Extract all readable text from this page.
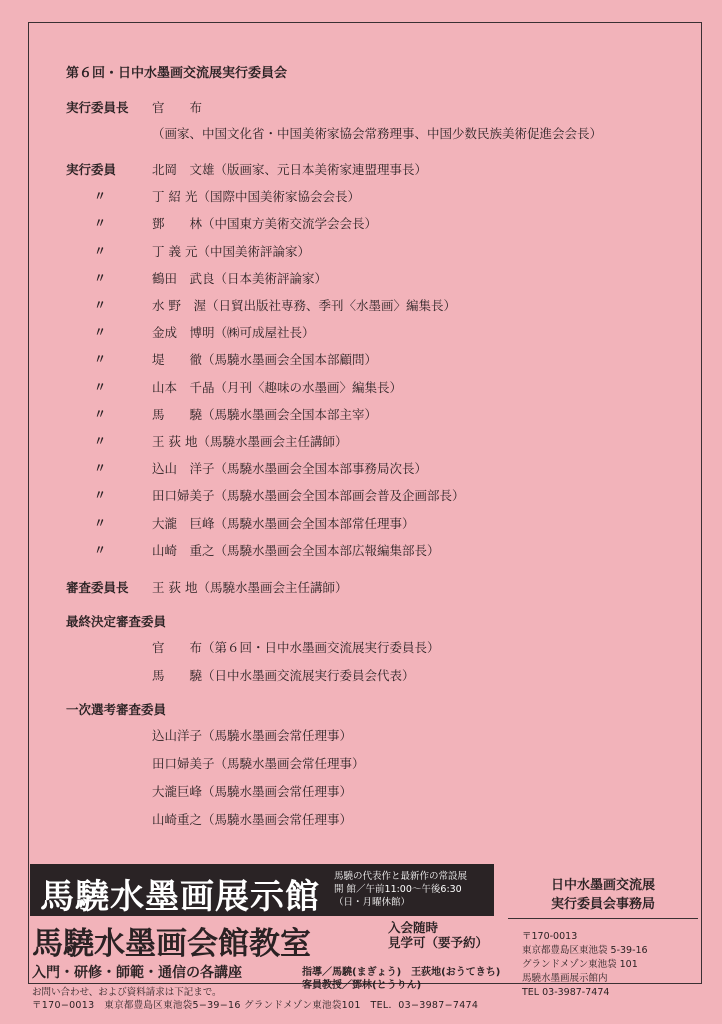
第６回・日中水墨画交流展実行委員会
実行委員長 官　　布
（画家、中国文化省・中国美術家協会常務理事、中国少数民族美術促進会会長）
実行委員	北岡　文雄（版画家、元日本美術家連盟理事長）
〃	丁 紹 光（国際中国美術家協会会長）
〃	鄧　　林（中国東方美術交流学会会長）
〃	丁 義 元（中国美術評論家）
〃	鶴田　武良（日本美術評論家）
〃	水 野　渥（日貿出版社専務、季刊〈水墨画〉編集長）
〃	金成　博明（㈱可成屋社長）
〃	堤　　徹（馬驍水墨画会全国本部顧問）
〃	山本　千晶（月刊〈趣味の水墨画〉編集長）
〃	馬　　驍（馬驍水墨画会全国本部主宰）
〃	王 荻 地（馬驍水墨画会主任講師）
〃	込山　洋子（馬驍水墨画会全国本部事務局次長）
〃	田口婦美子（馬驍水墨画会全国本部画会普及企画部長）
〃	大瀧　巨峰（馬驍水墨画会全国本部常任理事）
〃	山崎　重之（馬驍水墨画会全国本部広報編集部長）
審査委員長 王 荻 地（馬驍水墨画会主任講師）
最終決定審査委員
官　　布（第６回・日中水墨画交流展実行委員長）
馬　　驍（日中水墨画交流展実行委員会代表）
一次選考審査委員
込山洋子（馬驍水墨画会常任理事）
田口婦美子（馬驍水墨画会常任理事）
大瀧巨峰（馬驍水墨画会常任理事）
山崎重之（馬驍水墨画会常任理事）
馬驍水墨画展示館
馬驍の代表作と最新作の常設展
開 館／午前11:00〜午後6:30
（日・月曜休館）
馬驍水墨画会館教室	入会随時
見学可（要予約）
入門・研修・師範・通信の各講座	指導／馬驍(まぎょう)　王荻地(おうてきち)
客員教授／鄧林(とうりん)
お問い合わせ、および資料請求は下記まで。
〒170−0013　東京都豊島区東池袋5−39−16 グランドメゾン東池袋101　TEL．03−3987−7474
日中水墨画交流展
実行委員会事務局
〒170-0013
東京都豊島区東池袋 5-39-16
グランドメゾン東池袋 101
馬驍水墨画展示館内
TEL 03-3987-7474
